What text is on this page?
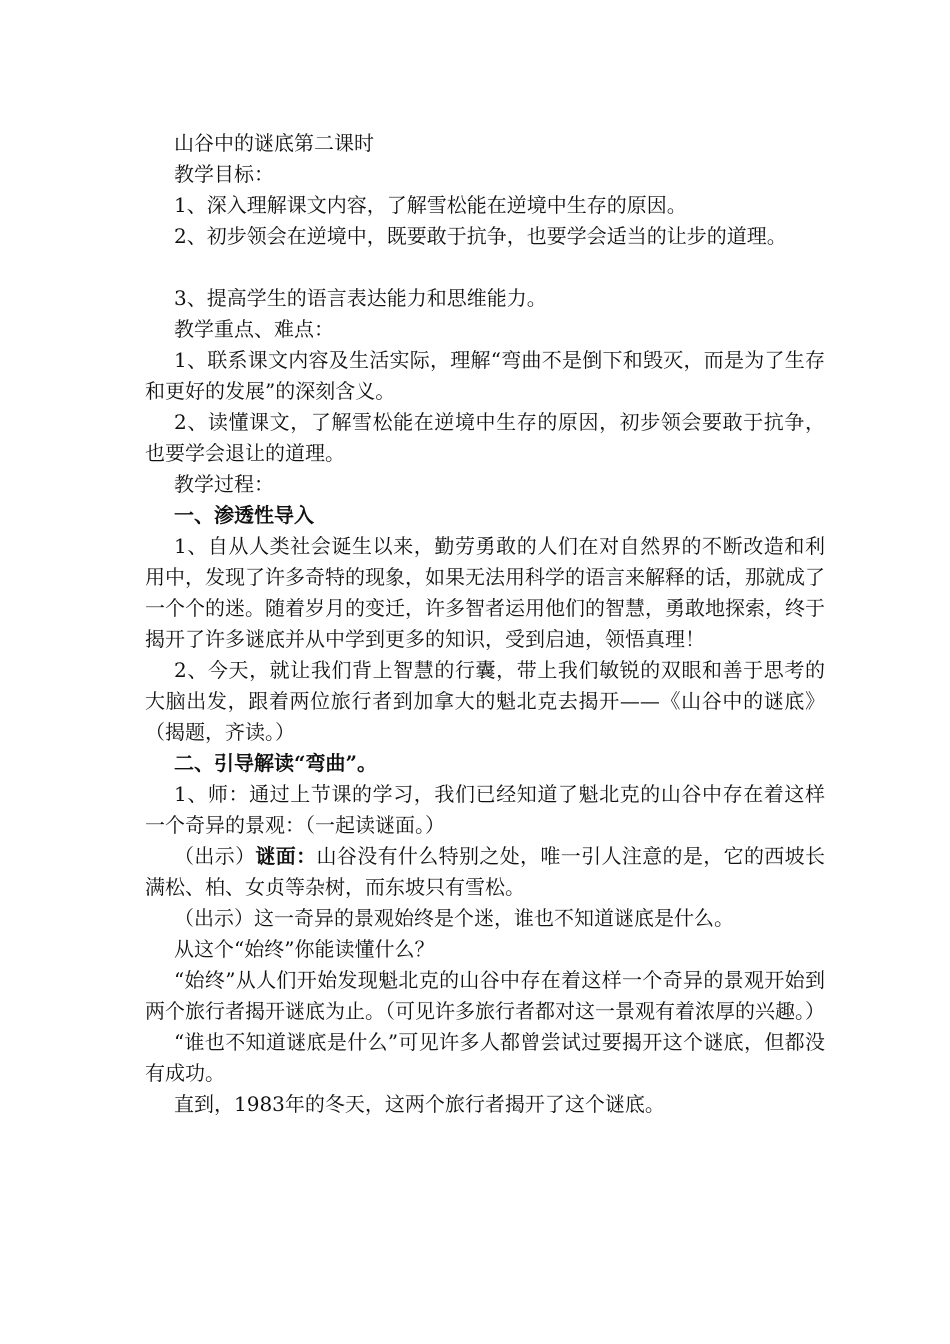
山谷中的谜底第二课时

教学目标：

1、深入理解课文内容，了解雪松能在逆境中生存的原因。

2、初步领会在逆境中，既要敢于抗争，也要学会适当的让步的道理。

3、提高学生的语言表达能力和思维能力。

教学重点、难点：

1、联系课文内容及生活实际，理解“弯曲不是倒下和毁灭，而是为了生存和更好的发展”的深刻含义。

2、读懂课文，了解雪松能在逆境中生存的原因，初步领会要敢于抗争，也要学会退让的道理。

教学过程：

一、渗透性导入

1、自从人类社会诞生以来，勤劳勇敢的人们在对自然界的不断改造和利用中，发现了许多奇特的现象，如果无法用科学的语言来解释的话，那就成了一个个的迷。随着岁月的变迁，许多智者运用他们的智慧，勇敢地探索，终于揭开了许多谜底并从中学到更多的知识，受到启迪，领悟真理！

2、今天，就让我们背上智慧的行囊，带上我们敏锐的双眼和善于思考的大脑出发，跟着两位旅行者到加拿大的魁北克去揭开——《山谷中的谜底》（揭题，齐读。）

二、引导解读“弯曲”。

1、师：通过上节课的学习，我们已经知道了魁北克的山谷中存在着这样一个奇异的景观：（一起读谜面。）

（出示）谜面：山谷没有什么特别之处，唯一引人注意的是，它的西坡长满松、柏、女贞等杂树，而东坡只有雪松。

（出示）这一奇异的景观始终是个迷，谁也不知道谜底是什么。

从这个“始终”你能读懂什么？

“始终”从人们开始发现魁北克的山谷中存在着这样一个奇异的景观开始到两个旅行者揭开谜底为止。（可见许多旅行者都对这一景观有着浓厚的兴趣。）

“谁也不知道谜底是什么”可见许多人都曾尝试过要揭开这个谜底，但都没有成功。

直到，1983年的冬天，这两个旅行者揭开了这个谜底。
